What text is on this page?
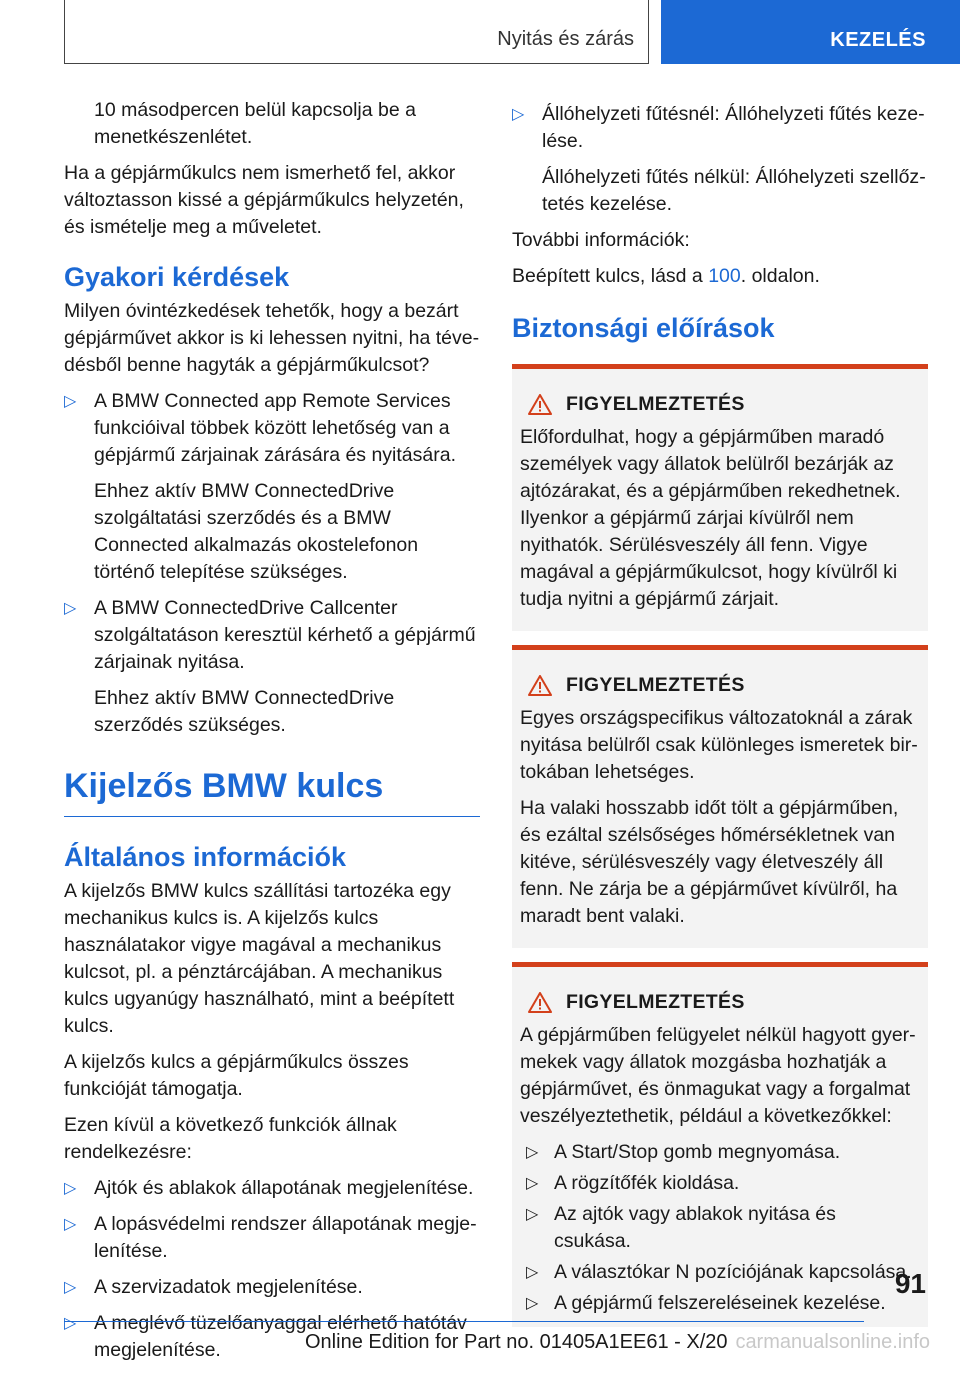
Nyitás és zárás	KEZELÉS

10 másodpercen belül kapcsolja be a menetkészenlétet.

Ha a gépjárműkulcs nem ismerhető fel, akkor változtasson kissé a gépjárműkulcs helyzetén, és ismételje meg a műveletet.

Gyakori kérdések

Milyen óvintézkedések tehetők, hogy a bezárt gépjárművet akkor is ki lehessen nyitni, ha tévedésből benne hagyták a gépjárműkulcsot?

▷ A BMW Connected app Remote Services funkcióival többek között lehetőség van a gépjármű zárjainak zárására és nyitására.
Ehhez aktív BMW ConnectedDrive szolgáltatási szerződés és a BMW Connected alkalmazás okostelefonon történő telepítése szükséges.
▷ A BMW ConnectedDrive Callcenter szolgáltatáson keresztül kérhető a gépjármű zárjainak nyitása.
Ehhez aktív BMW ConnectedDrive szerződés szükséges.
Kijelzős BMW kulcs
Általános információk

A kijelzős BMW kulcs szállítási tartozéka egy mechanikus kulcs is. A kijelzős kulcs használatakor vigye magával a mechanikus kulcsot, pl. a pénztárcájában. A mechanikus kulcs ugyanúgy használható, mint a beépített kulcs.

A kijelzős kulcs a gépjárműkulcs összes funkcióját támogatja.

Ezen kívül a következő funkciók állnak rendelkezésre:

▷ Ajtók és ablakok állapotának megjelenítése.
▷ A lopásvédelmi rendszer állapotának megjelenítése.
▷ A szervizadatok megjelenítése.
▷ A meglévő tüzelőanyaggal elérhető hatótáv megjelenítése.
▷ Állóhelyzeti fűtésnél: Állóhelyzeti fűtés kezelése.
Állóhelyzeti fűtés nélkül: Állóhelyzeti szellőztetés kezelése.

További információk:

Beépített kulcs, lásd a 100. oldalon.

Biztonsági előírások
FIGYELMEZTETÉS

Előfordulhat, hogy a gépjárműben maradó személyek vagy állatok belülről bezárják az ajtózárakat, és a gépjárműben rekedhetnek. Ilyenkor a gépjármű zárjai kívülről nem nyithatók. Sérülésveszély áll fenn. Vigye magával a gépjárműkulcsot, hogy kívülről ki tudja nyitni a gépjármű zárjait.

FIGYELMEZTETÉS

Egyes országspecifikus változatoknál a zárak nyitása belülről csak különleges ismeretek birtokában lehetséges.

Ha valaki hosszabb időt tölt a gépjárműben, és ezáltal szélsőséges hőmérsékletnek van kitéve, sérülésveszély vagy életveszély áll fenn. Ne zárja be a gépjárművet kívülről, ha maradt bent valaki.

FIGYELMEZTETÉS

A gépjárműben felügyelet nélkül hagyott gyermekek vagy állatok mozgásba hozhatják a gépjárművet, és önmagukat vagy a forgalmat veszélyeztethetik, például a következőkkel:

▷ A Start/Stop gomb megnyomása.
▷ A rögzítőfék kioldása.
▷ Az ajtók vagy ablakok nyitása és csukása.
▷ A választókar N pozíciójának kapcsolása.
▷ A gépjármű felszereléseinek kezelése.
91
Online Edition for Part no. 01405A1EE61 - X/20 carmanualsonline.info
